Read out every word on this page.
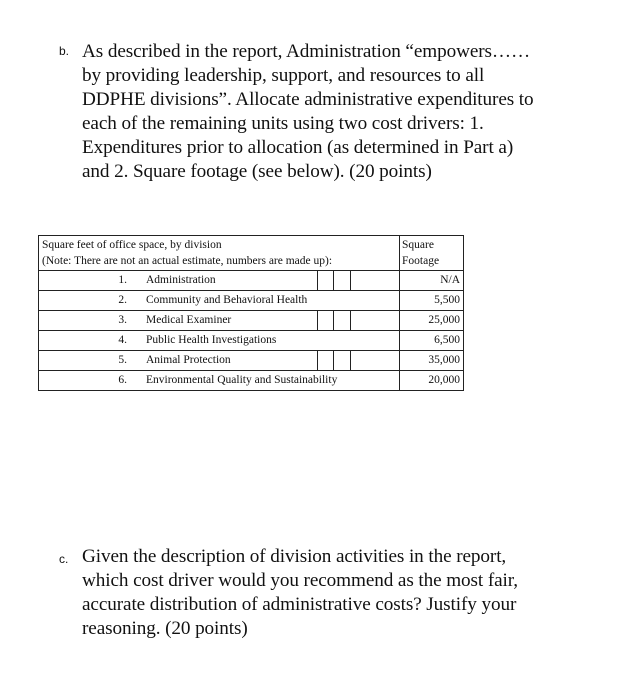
b. As described in the report, Administration “empowers……
by providing leadership, support, and resources to all
DDPHE divisions”. Allocate administrative expenditures to
each of the remaining units using two cost drivers: 1.
Expenditures prior to allocation (as determined in Part a)
and 2. Square footage (see below). (20 points)

Square feet of office space, by division
(Note: There are not an actual estimate, numbers are made up):
Square
Footage
1. Administration	N/A
2. Community and Behavioral Health	5,500
3. Medical Examiner	25,000
4. Public Health Investigations	6,500
5. Animal Protection	35,000
6. Environmental Quality and Sustainability	20,000
c. Given the description of division activities in the report,
which cost driver would you recommend as the most fair,
accurate distribution of administrative costs? Justify your
reasoning. (20 points)
